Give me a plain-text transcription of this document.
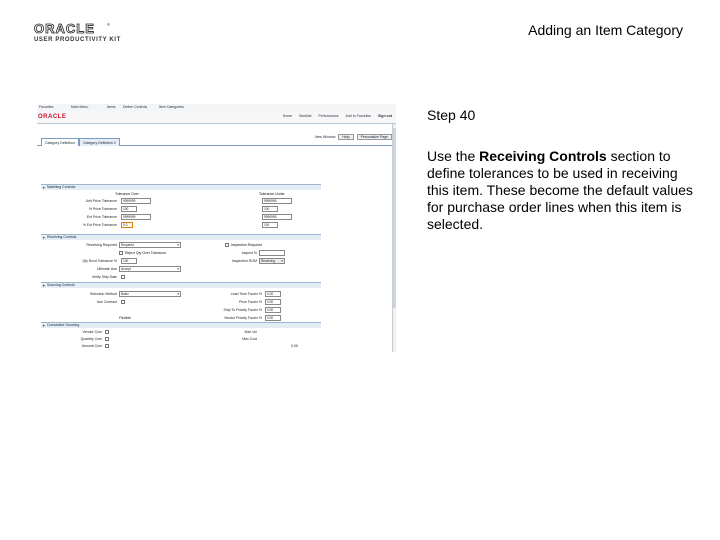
ORACLE	®
USER PRODUCTIVITY KIT
Adding an Item Category
Step 40
Use the Receiving Controls section to define tolerances to be used in receiving this item. These become the default values for purchase order lines when this item is selected.
Favorites	Main Menu	Items Define Controls	Item Categories
ORACLE	Home Worklist Performance Add to Favorites Sign out
New Window Help	Personalize Page
Category Definition	Category Definition 2
▼ Matching Controls
Tolerance Over	Tolerance Under
Unit Price Tolerance	9999999	9999999
% Price Tolerance	100	100
Ext Price Tolerance	9999999	9999999
% Ext Price Tolerance	0.0	100
▼ Receiving Controls
Receiving Required	Required ▾	Inspection Required
Reject Qty Over Tolerance	Inspect %
Qty Rcvd Tolerance %	100	Inspection ROM	Receiving ▾
Ultimate Use	Accept ▾
Verify Ship Date
▼ Sourcing Controls
Selection Method	Basic ▾	Lead Time Factor %	0.00
Use Contract	Price Factor %	0.00
Ship To Priority Factor %	0.00
Flexible	Vendor Priority Factor %	0.00
▼ Cumulative Sourcing
Vendor Cum	Max Vol
Quantity Cum	Max Cost
Amount Cum	0.00
